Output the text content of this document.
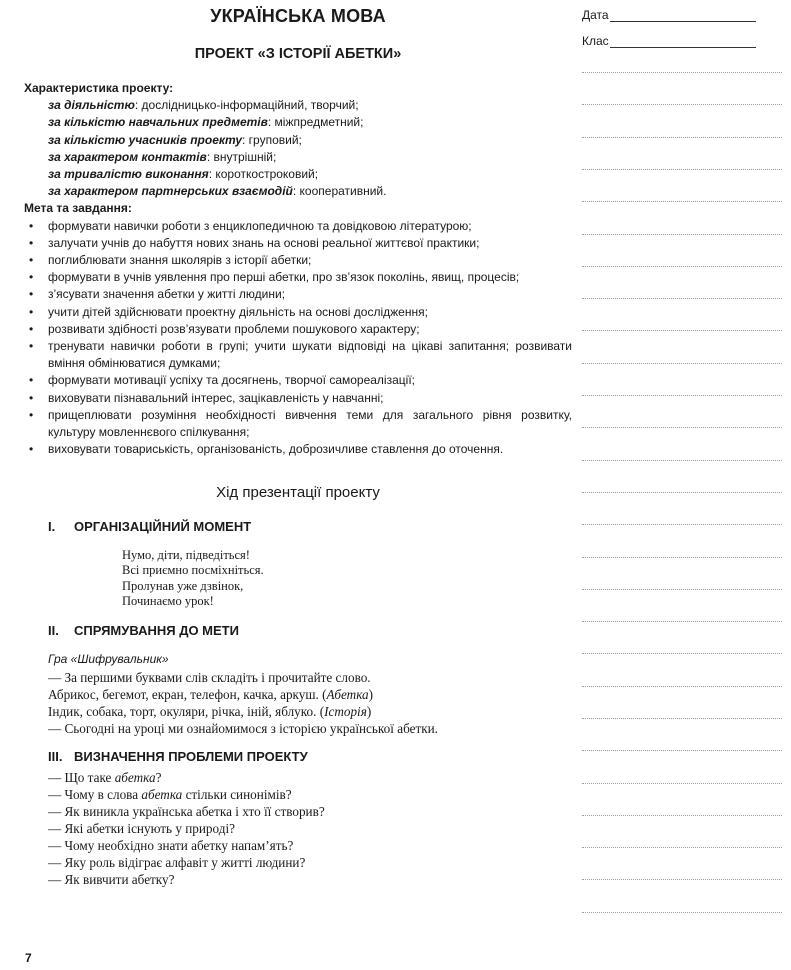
УКРАЇНСЬКА МОВА
ПРОЕКТ «З ІСТОРІЇ АБЕТКИ»
Характеристика проекту:
за діяльністю: дослідницько-інформаційний, творчий;
за кількістю навчальних предметів: міжпредметний;
за кількістю учасників проекту: груповий;
за характером контактів: внутрішній;
за тривалістю виконання: короткостроковий;
за характером партнерських взаємодій: кооперативний.
Мета та завдання:
• формувати навички роботи з енциклопедичною та довідковою літературою;
• залучати учнів до набуття нових знань на основі реальної життєвої практики;
• поглиблювати знання школярів з історії абетки;
• формувати в учнів уявлення про перші абетки, про зв’язок поколінь, явищ, процесів;
• з’ясувати значення абетки у житті людини;
• учити дітей здійснювати проектну діяльність на основі дослідження;
• розвивати здібності розв’язувати проблеми пошукового характеру;
• тренувати навички роботи в групі; учити шукати відповіді на цікаві запитання; розвивати вміння обмінюватися думками;
• формувати мотивації успіху та досягнень, творчої самореалізації;
• виховувати пізнавальний інтерес, зацікавленість у навчанні;
• прищеплювати розуміння необхідності вивчення теми для загального рівня розвитку, культуру мовленнєвого спілкування;
• виховувати товариськість, організованість, доброзичливе ставлення до оточення.
Хід презентації проекту
I. ОРГАНІЗАЦІЙНИЙ МОМЕНТ
Нумо, діти, підведіться!
Всі приємно посміхніться.
Пролунав уже дзвінок,
Починаємо урок!
II. СПРЯМУВАННЯ ДО МЕТИ
Гра «Шифрувальник»
— За першими буквами слів складіть і прочитайте слово.
Абрикос, бегемот, екран, телефон, качка, аркуш. (Абетка)
Індик, собака, торт, окуляри, річка, іній, яблуко. (Історія)
— Сьогодні на уроці ми ознайомимося з історією української абетки.
III. ВИЗНАЧЕННЯ ПРОБЛЕМИ ПРОЕКТУ
— Що таке абетка?
— Чому в слова абетка стільки синонімів?
— Як виникла українська абетка і хто її створив?
— Які абетки існують у природі?
— Чому необхідно знати абетку напам’ять?
— Яку роль відіграє алфавіт у житті людини?
— Як вивчити абетку?
7
Дата
Клас
